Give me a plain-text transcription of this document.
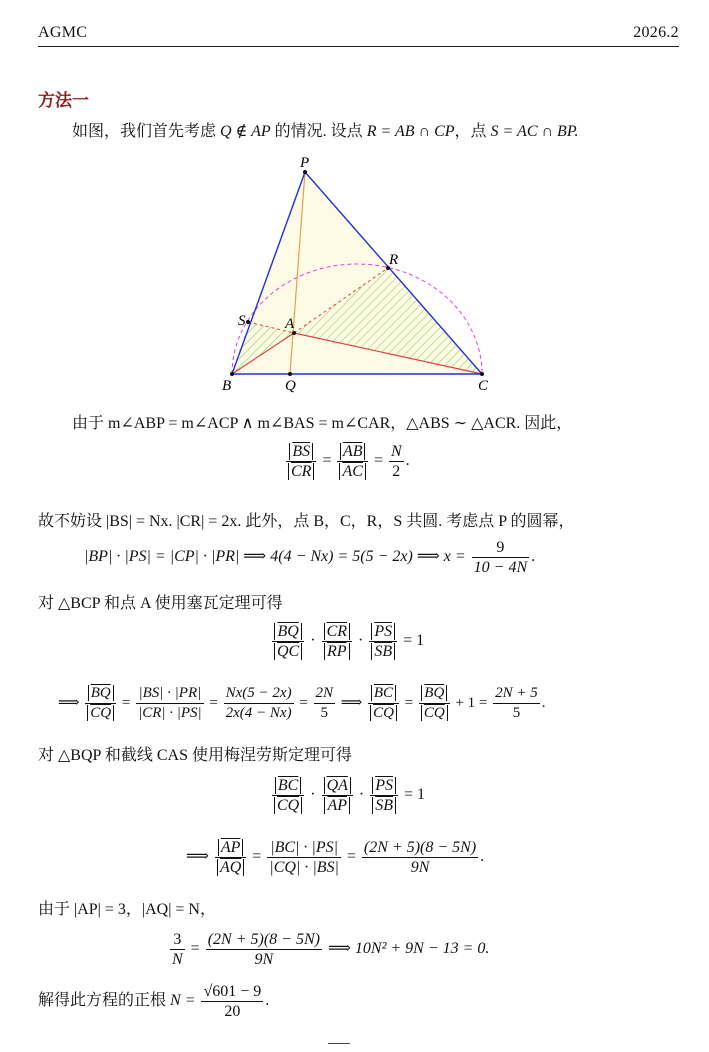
AGMC	2026.2
方法一
如图，我们首先考虑 Q ∉ AP 的情况. 设点 R = AB ∩ CP，点 S = AC ∩ BP.
P
R
S	A
B	Q	C
由于 m∠ABP = m∠ACP ∧ m∠BAS = m∠CAR，△ABS ∼ △ACR. 因此，
$\frac{\overline{BS}}{CR} = \frac{\overline{AB}}{AC} = \frac{N}{2}$ .
故不妨设 |BS| = Nx. |CR| = 2x. 此外，点 B，C，R，S 共圆. 考虑点 P 的圆幂，
|BP| · |PS| = |CP| · |PR| ⟹ 4(4 − Nx) = 5(5 − 2x) ⟹ $x = \frac{9}{10 - 4N}$ .
对 △BCP 和点 A 使用塞瓦定理可得
$\frac{\overline{BQ}}{QC} \cdot \frac{\overline{CR}}{RP} \cdot \frac{\overline{PS}}{SB} = 1$
⟹ $\frac{\overline{BQ}}{CQ} = \frac{|BS| \cdot |PR|}{|CR| \cdot |PS|} = \frac{Nx(5 - 2x)}{2x(4 - Nx)} = \frac{2N}{5}$ ⟹ $\frac{\overline{BC}}{CQ} = \frac{\overline{BQ}}{CQ} + 1 = \frac{2N + 5}{5}$ .
对 △BQP 和截线 CAS 使用梅涅劳斯定理可得
$\frac{\overline{BC}}{CQ} \cdot \frac{\overline{QA}}{AP} \cdot \frac{\overline{PS}}{SB} = 1$
⟹ $\frac{\overline{AP}}{AQ} = \frac{|BC| \cdot |PS|}{|CQ| \cdot |BS|} = \frac{(2N + 5)(8 - 5N)}{9N}$ .
由于 |AP| = 3，|AQ| = N，
$\frac{3}{N} = \frac{(2N + 5)(8 - 5N)}{9N}$ ⟹ 10N² + 9N − 13 = 0.
解得此方程的正根 $N = \frac{√601 - 9}{20}$ .
